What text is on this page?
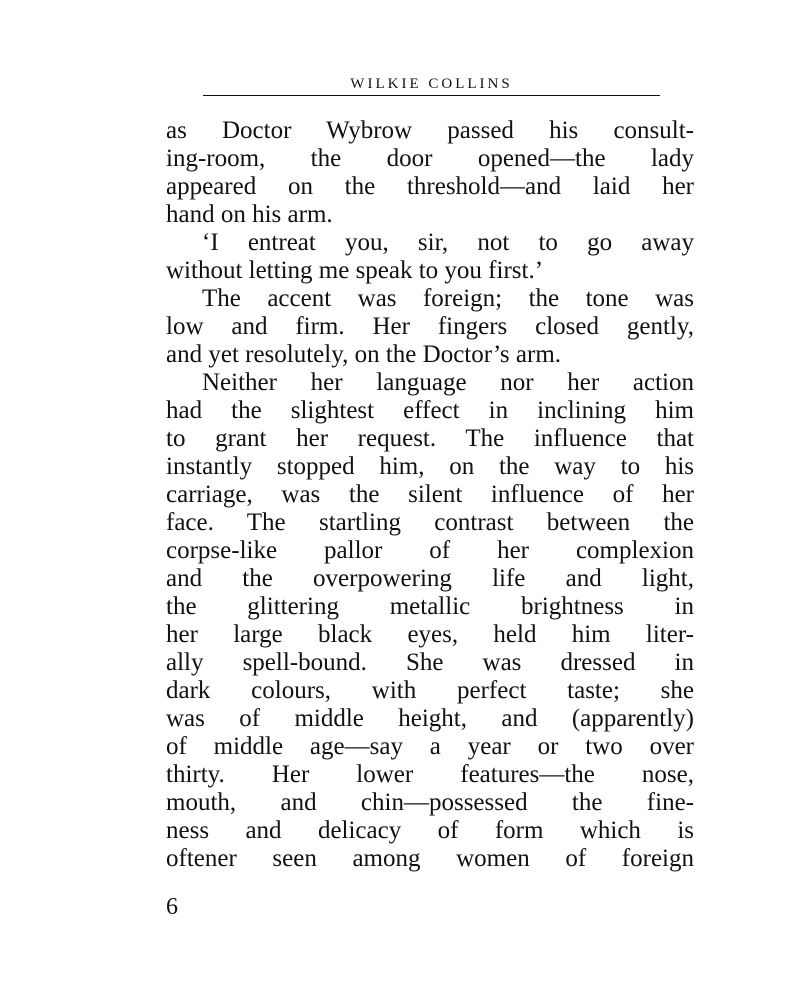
WILKIE COLLINS
as Doctor Wybrow passed his consult-
ing-room, the door opened—the lady
appeared on the threshold—and laid her
hand on his arm.
‘I entreat you, sir, not to go away
without letting me speak to you first.’
The accent was foreign; the tone was
low and firm. Her fingers closed gently,
and yet resolutely, on the Doctor’s arm.
Neither her language nor her action
had the slightest effect in inclining him
to grant her request. The influence that
instantly stopped him, on the way to his
carriage, was the silent influence of her
face. The startling contrast between the
corpse-like pallor of her complexion
and the overpowering life and light,
the glittering metallic brightness in
her large black eyes, held him liter-
ally spell-bound. She was dressed in
dark colours, with perfect taste; she
was of middle height, and (apparently)
of middle age—say a year or two over
thirty. Her lower features—the nose,
mouth, and chin—possessed the fine-
ness and delicacy of form which is
oftener seen among women of foreign
6
